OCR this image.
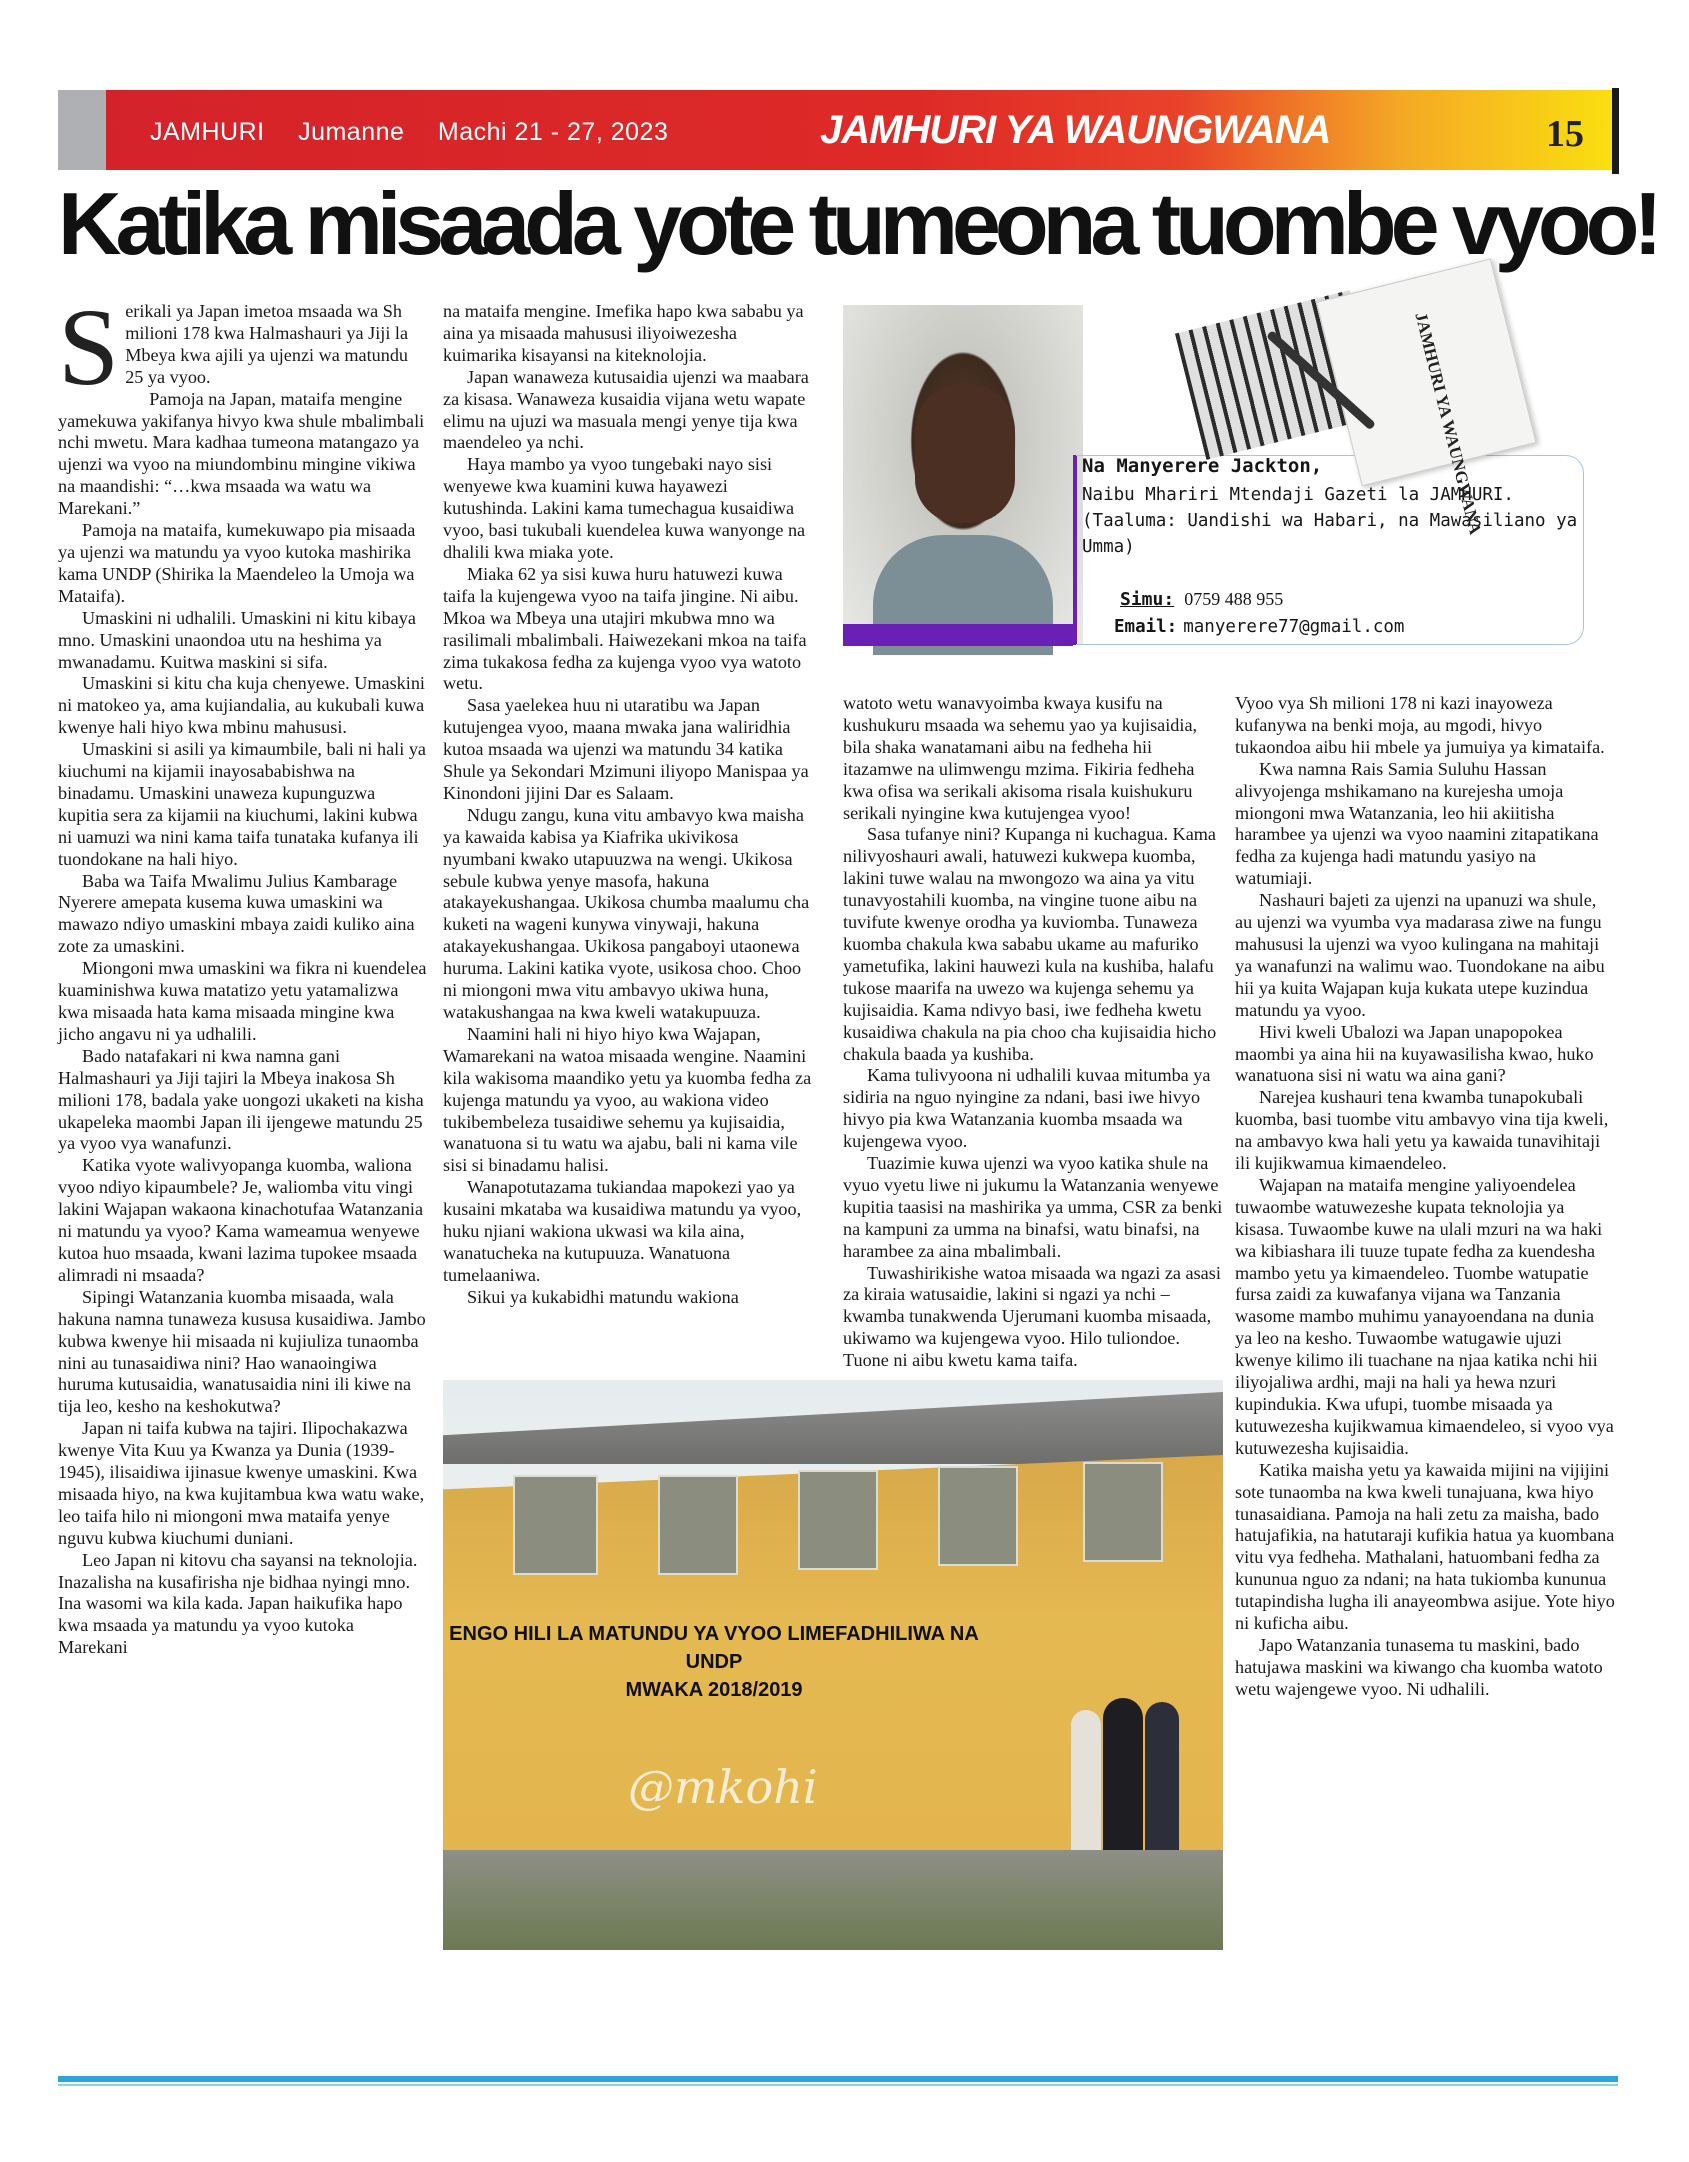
JAMHURI Jumanne Machi 21 - 27, 2023	JAMHURI YA WAUNGWANA	15
Katika misaada yote tumeona tuombe vyoo!
S erikali ya Japan imetoa msaada wa Sh milioni 178 kwa Halmashauri ya Jiji la Mbeya kwa ajili ya ujenzi wa matundu 25 ya vyoo.

Pamoja na Japan, mataifa mengine yamekuwa yakifanya hivyo kwa shule mbalimbali nchi mwetu. Mara kadhaa tumeona matangazo ya ujenzi wa vyoo na miundombinu mingine vikiwa na maandishi: “…kwa msaada wa watu wa Marekani.”

Pamoja na mataifa, kumekuwapo pia misaada ya ujenzi wa matundu ya vyoo kutoka mashirika kama UNDP (Shirika la Maendeleo la Umoja wa Mataifa).

Umaskini ni udhalili. Umaskini ni kitu kibaya mno. Umaskini unaondoa utu na heshima ya mwanadamu. Kuitwa maskini si sifa.

Umaskini si kitu cha kuja chenyewe. Umaskini ni matokeo ya, ama kujiandalia, au kukubali kuwa kwenye hali hiyo kwa mbinu mahususi.

Umaskini si asili ya kimaumbile, bali ni hali ya kiuchumi na kijamii inayosababishwa na binadamu. Umaskini unaweza kupunguzwa kupitia sera za kijamii na kiuchumi, lakini kubwa ni uamuzi wa nini kama taifa tunataka kufanya ili tuondokane na hali hiyo.

Baba wa Taifa Mwalimu Julius Kambarage Nyerere amepata kusema kuwa umaskini wa mawazo ndiyo umaskini mbaya zaidi kuliko aina zote za umaskini.

Miongoni mwa umaskini wa fikra ni kuendelea kuaminishwa kuwa matatizo yetu yatamalizwa kwa misaada hata kama misaada mingine kwa jicho angavu ni ya udhalili.

Bado natafakari ni kwa namna gani Halmashauri ya Jiji tajiri la Mbeya inakosa Sh milioni 178, badala yake uongozi ukaketi na kisha ukapeleka maombi Japan ili ijengewe matundu 25 ya vyoo vya wanafunzi.

Katika vyote walivyopanga kuomba, waliona vyoo ndiyo kipaumbele? Je, waliomba vitu vingi lakini Wajapan wakaona kinachotufaa Watanzania ni matundu ya vyoo? Kama wameamua wenyewe kutoa huo msaada, kwani lazima tupokee msaada alimradi ni msaada?

Sipingi Watanzania kuomba misaada, wala hakuna namna tunaweza kususa kusaidiwa. Jambo kubwa kwenye hii misaada ni kujiuliza tunaomba nini au tunasaidiwa nini? Hao wanaoingiwa huruma kutusaidia, wanatusaidia nini ili kiwe na tija leo, kesho na keshokutwa?

Japan ni taifa kubwa na tajiri. Ilipochakazwa kwenye Vita Kuu ya Kwanza ya Dunia (1939-1945), ilisaidiwa ijinasue kwenye umaskini. Kwa misaada hiyo, na kwa kujitambua kwa watu wake, leo taifa hilo ni miongoni mwa mataifa yenye nguvu kubwa kiuchumi duniani.

Leo Japan ni kitovu cha sayansi na teknolojia. Inazalisha na kusafirisha nje bidhaa nyingi mno. Ina wasomi wa kila kada. Japan haikufika hapo kwa msaada ya matundu ya vyoo kutoka Marekani

na mataifa mengine. Imefika hapo kwa sababu ya aina ya misaada mahususi iliyoiwezesha kuimarika kisayansi na kiteknolojia.

Japan wanaweza kutusaidia ujenzi wa maabara za kisasa. Wanaweza kusaidia vijana wetu wapate elimu na ujuzi wa masuala mengi yenye tija kwa maendeleo ya nchi.

Haya mambo ya vyoo tungebaki nayo sisi wenyewe kwa kuamini kuwa hayawezi kutushinda. Lakini kama tumechagua kusaidiwa vyoo, basi tukubali kuendelea kuwa wanyonge na dhalili kwa miaka yote.

Miaka 62 ya sisi kuwa huru hatuwezi kuwa taifa la kujengewa vyoo na taifa jingine. Ni aibu. Mkoa wa Mbeya una utajiri mkubwa mno wa rasilimali mbalimbali. Haiwezekani mkoa na taifa zima tukakosa fedha za kujenga vyoo vya watoto wetu.

Sasa yaelekea huu ni utaratibu wa Japan kutujengea vyoo, maana mwaka jana waliridhia kutoa msaada wa ujenzi wa matundu 34 katika Shule ya Sekondari Mzimuni iliyopo Manispaa ya Kinondoni jijini Dar es Salaam.

Ndugu zangu, kuna vitu ambavyo kwa maisha ya kawaida kabisa ya Kiafrika ukivikosa nyumbani kwako utapuuzwa na wengi. Ukikosa sebule kubwa yenye masofa, hakuna atakayekushangaa. Ukikosa chumba maalumu cha kuketi na wageni kunywa vinywaji, hakuna atakayekushangaa. Ukikosa pangaboyi utaonewa huruma. Lakini katika vyote, usikosa choo. Choo ni miongoni mwa vitu ambavyo ukiwa huna, watakushangaa na kwa kweli watakupuuza.

Naamini hali ni hiyo hiyo kwa Wajapan, Wamarekani na watoa misaada wengine. Naamini kila wakisoma maandiko yetu ya kuomba fedha za kujenga matundu ya vyoo, au wakiona video tukibembeleza tusaidiwe sehemu ya kujisaidia, wanatuona si tu watu wa ajabu, bali ni kama vile sisi si binadamu halisi.

Wanapotutazama tukiandaa mapokezi yao ya kusaini mkataba wa kusaidiwa matundu ya vyoo, huku njiani wakiona ukwasi wa kila aina, wanatucheka na kutupuuza. Wanatuona tumelaaniwa.

Sikui ya kukabidhi matundu wakiona

Na Manyerere Jackton,
Naibu Mhariri Mtendaji Gazeti la JAMHURI. (Taaluma: Uandishi wa Habari, na Mawasiliano ya Umma)
Simu: 0759 488 955
Email: manyerere77@gmail.com
JAMHURI YA WAUNGWANA

watoto wetu wanavyoimba kwaya kusifu na kushukuru msaada wa sehemu yao ya kujisaidia, bila shaka wanatamani aibu na fedheha hii itazamwe na ulimwengu mzima. Fikiria fedheha kwa ofisa wa serikali akisoma risala kuishukuru serikali nyingine kwa kutujengea vyoo!

Sasa tufanye nini? Kupanga ni kuchagua. Kama nilivyoshauri awali, hatuwezi kukwepa kuomba, lakini tuwe walau na mwongozo wa aina ya vitu tunavyostahili kuomba, na vingine tuone aibu na tuvifute kwenye orodha ya kuviomba. Tunaweza kuomba chakula kwa sababu ukame au mafuriko yametufika, lakini hauwezi kula na kushiba, halafu tukose maarifa na uwezo wa kujenga sehemu ya kujisaidia. Kama ndivyo basi, iwe fedheha kwetu kusaidiwa chakula na pia choo cha kujisaidia hicho chakula baada ya kushiba.

Kama tulivyoona ni udhalili kuvaa mitumba ya sidiria na nguo nyingine za ndani, basi iwe hivyo hivyo pia kwa Watanzania kuomba msaada wa kujengewa vyoo.

Tuazimie kuwa ujenzi wa vyoo katika shule na vyuo vyetu liwe ni jukumu la Watanzania wenyewe kupitia taasisi na mashirika ya umma, CSR za benki na kampuni za umma na binafsi, watu binafsi, na harambee za aina mbalimbali.

Tuwashirikishe watoa misaada wa ngazi za asasi za kiraia watusaidie, lakini si ngazi ya nchi – kwamba tunakwenda Ujerumani kuomba misaada, ukiwamo wa kujengewa vyoo. Hilo tuliondoe. Tuone ni aibu kwetu kama taifa.

Vyoo vya Sh milioni 178 ni kazi inayoweza kufanywa na benki moja, au mgodi, hivyo tukaondoa aibu hii mbele ya jumuiya ya kimataifa.

Kwa namna Rais Samia Suluhu Hassan alivyojenga mshikamano na kurejesha umoja miongoni mwa Watanzania, leo hii akiitisha harambee ya ujenzi wa vyoo naamini zitapatikana fedha za kujenga hadi matundu yasiyo na watumiaji.

Nashauri bajeti za ujenzi na upanuzi wa shule, au ujenzi wa vyumba vya madarasa ziwe na fungu mahususi la ujenzi wa vyoo kulingana na mahitaji ya wanafunzi na walimu wao. Tuondokane na aibu hii ya kuita Wajapan kuja kukata utepe kuzindua matundu ya vyoo.

Hivi kweli Ubalozi wa Japan unapopokea maombi ya aina hii na kuyawasilisha kwao, huko wanatuona sisi ni watu wa aina gani?

Narejea kushauri tena kwamba tunapokubali kuomba, basi tuombe vitu ambavyo vina tija kweli, na ambavyo kwa hali yetu ya kawaida tunavihitaji ili kujikwamua kimaendeleo.

Wajapan na mataifa mengine yaliyoendelea tuwaombe watuwezeshe kupata teknolojia ya kisasa. Tuwaombe kuwe na ulali mzuri na wa haki wa kibiashara ili tuuze tupate fedha za kuendesha mambo yetu ya kimaendeleo. Tuombe watupatie fursa zaidi za kuwafanya vijana wa Tanzania wasome mambo muhimu yanayoendana na dunia ya leo na kesho. Tuwaombe watugawie ujuzi kwenye kilimo ili tuachane na njaa katika nchi hii iliyojaliwa ardhi, maji na hali ya hewa nzuri kupindukia. Kwa ufupi, tuombe misaada ya kutuwezesha kujikwamua kimaendeleo, si vyoo vya kutuwezesha kujisaidia.

Katika maisha yetu ya kawaida mijini na vijijini sote tunaomba na kwa kweli tunajuana, kwa hiyo tunasaidiana. Pamoja na hali zetu za maisha, bado hatujafikia, na hatutaraji kufikia hatua ya kuombana vitu vya fedheha. Mathalani, hatuombani fedha za kununua nguo za ndani; na hata tukiomba kununua tutapindisha lugha ili anayeombwa asijue. Yote hiyo ni kuficha aibu.

Japo Watanzania tunasema tu maskini, bado hatujawa maskini wa kiwango cha kuomba watoto wetu wajengewe vyoo. Ni udhalili.

ENGO HILI LA MATUNDU YA VYOO LIMEFADHILIWA NA UNDP
MWAKA 2018/2019
@mkohi
